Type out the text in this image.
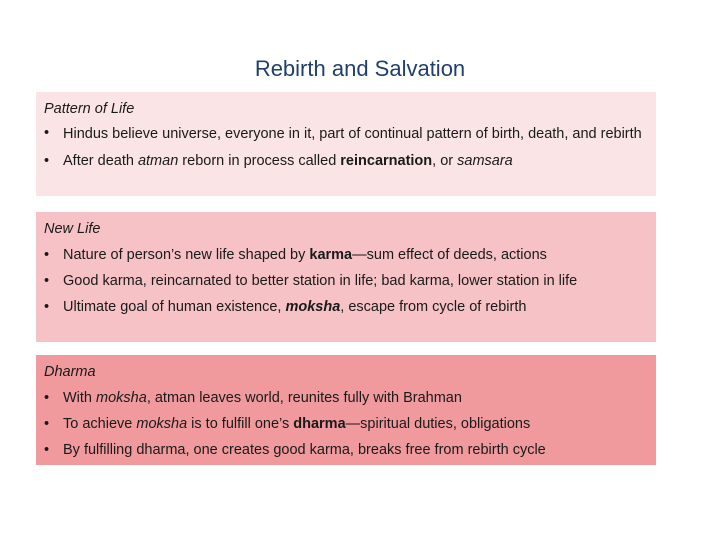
Rebirth and Salvation
Pattern of Life
• Hindus believe universe, everyone in it, part of continual pattern of birth, death, and rebirth
• After death atman reborn in process called reincarnation, or samsara
New Life
• Nature of person’s new life shaped by karma—sum effect of deeds, actions
• Good karma, reincarnated to better station in life; bad karma, lower station in life
• Ultimate goal of human existence, moksha, escape from cycle of rebirth
Dharma
• With moksha, atman leaves world, reunites fully with Brahman
• To achieve moksha is to fulfill one’s dharma—spiritual duties, obligations
• By fulfilling dharma, one creates good karma, breaks free from rebirth cycle
